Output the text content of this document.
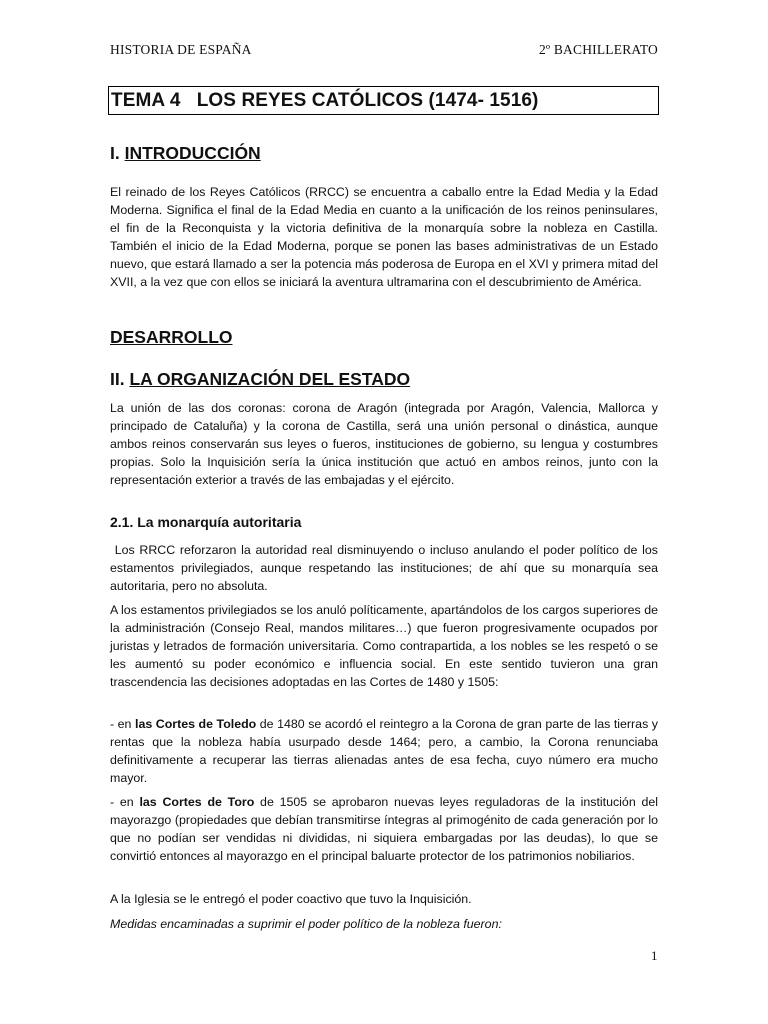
HISTORIA DE ESPAÑA	2º BACHILLERATO
TEMA 4   LOS REYES CATÓLICOS (1474- 1516)
I. INTRODUCCIÓN

El reinado de los Reyes Católicos (RRCC) se encuentra a caballo entre la Edad Media y la Edad Moderna. Significa el final de la Edad Media en cuanto a la unificación de los reinos peninsulares, el fin de la Reconquista y la victoria definitiva de la monarquía sobre la nobleza en Castilla. También el inicio de la Edad Moderna, porque se ponen las bases administrativas de un Estado nuevo, que estará llamado a ser la potencia más poderosa de Europa en el XVI y primera mitad del XVII, a la vez que con ellos se iniciará la aventura ultramarina con el descubrimiento de América.

DESARROLLO
II. LA ORGANIZACIÓN DEL ESTADO

La unión de las dos coronas: corona de Aragón (integrada por Aragón, Valencia, Mallorca y principado de Cataluña) y la corona de Castilla, será una unión personal o dinástica, aunque ambos reinos conservarán sus leyes o fueros, instituciones de gobierno, su lengua y costumbres propias. Solo la Inquisición sería la única institución que actuó en ambos reinos, junto con la representación exterior a través de las embajadas y el ejército.

2.1. La monarquía autoritaria

Los RRCC reforzaron la autoridad real disminuyendo o incluso anulando el poder político de los estamentos privilegiados, aunque respetando las instituciones; de ahí que su monarquía sea autoritaria, pero no absoluta.

A los estamentos privilegiados se los anuló políticamente, apartándolos de los cargos superiores de la administración (Consejo Real, mandos militares…) que fueron progresivamente ocupados por juristas y letrados de formación universitaria. Como contrapartida, a los nobles se les respetó o se les aumentó su poder económico e influencia social. En este sentido tuvieron una gran trascendencia las decisiones adoptadas en las Cortes de 1480 y 1505:

- en las Cortes de Toledo de 1480 se acordó el reintegro a la Corona de gran parte de las tierras y rentas que la nobleza había usurpado desde 1464; pero, a cambio, la Corona renunciaba definitivamente a recuperar las tierras alienadas antes de esa fecha, cuyo número era mucho mayor.

- en las Cortes de Toro de 1505 se aprobaron nuevas leyes reguladoras de la institución del mayorazgo (propiedades que debían transmitirse íntegras al primogénito de cada generación por lo que no podían ser vendidas ni divididas, ni siquiera embargadas por las deudas), lo que se convirtió entonces al mayorazgo en el principal baluarte protector de los patrimonios nobiliarios.

A la Iglesia se le entregó el poder coactivo que tuvo la Inquisición.

Medidas encaminadas a suprimir el poder político de la nobleza fueron:

1
